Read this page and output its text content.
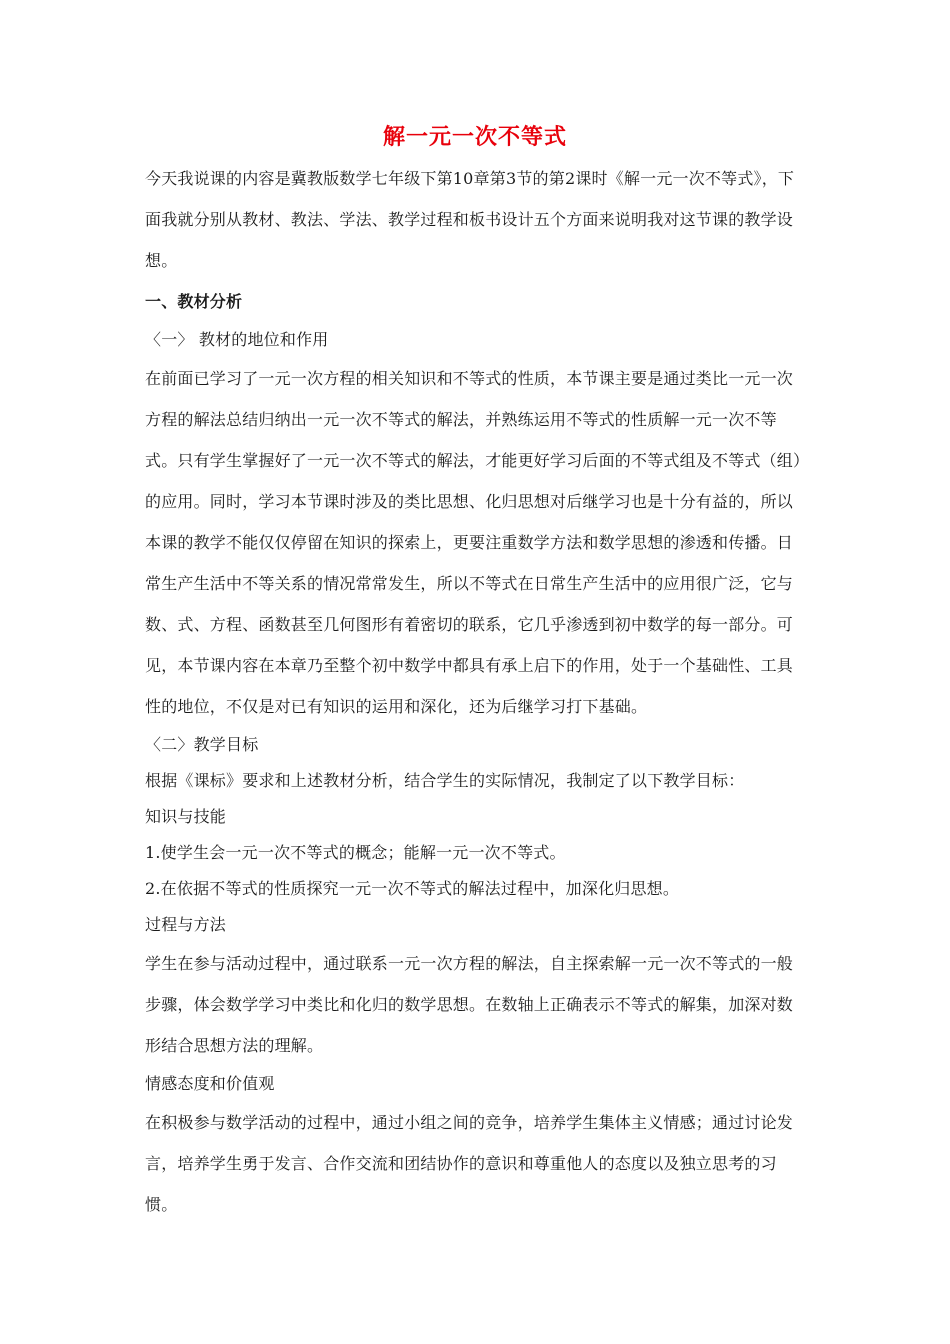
解一元一次不等式

今天我说课的内容是冀教版数学七年级下第10章第3节的第2课时《解一元一次不等式》，下面我就分别从教材、教法、学法、教学过程和板书设计五个方面来说明我对这节课的教学设想。

一、教材分析

〈一〉 教材的地位和作用

在前面已学习了一元一次方程的相关知识和不等式的性质，本节课主要是通过类比一元一次方程的解法总结归纳出一元一次不等式的解法，并熟练运用不等式的性质解一元一次不等式。只有学生掌握好了一元一次不等式的解法，才能更好学习后面的不等式组及不等式（组）的应用。同时，学习本节课时涉及的类比思想、化归思想对后继学习也是十分有益的，所以本课的教学不能仅仅停留在知识的探索上，更要注重数学方法和数学思想的渗透和传播。日常生产生活中不等关系的情况常常发生，所以不等式在日常生产生活中的应用很广泛，它与数、式、方程、函数甚至几何图形有着密切的联系，它几乎渗透到初中数学的每一部分。可见，本节课内容在本章乃至整个初中数学中都具有承上启下的作用，处于一个基础性、工具性的地位，不仅是对已有知识的运用和深化，还为后继学习打下基础。

〈二〉教学目标

根据《课标》要求和上述教材分析，结合学生的实际情况，我制定了以下教学目标：

知识与技能

1.使学生会一元一次不等式的概念；能解一元一次不等式。

2.在依据不等式的性质探究一元一次不等式的解法过程中，加深化归思想。

过程与方法

学生在参与活动过程中，通过联系一元一次方程的解法，自主探索解一元一次不等式的一般步骤，体会数学学习中类比和化归的数学思想。在数轴上正确表示不等式的解集，加深对数形结合思想方法的理解。

情感态度和价值观

在积极参与数学活动的过程中，通过小组之间的竞争，培养学生集体主义情感；通过讨论发言，培养学生勇于发言、合作交流和团结协作的意识和尊重他人的态度以及独立思考的习惯。
